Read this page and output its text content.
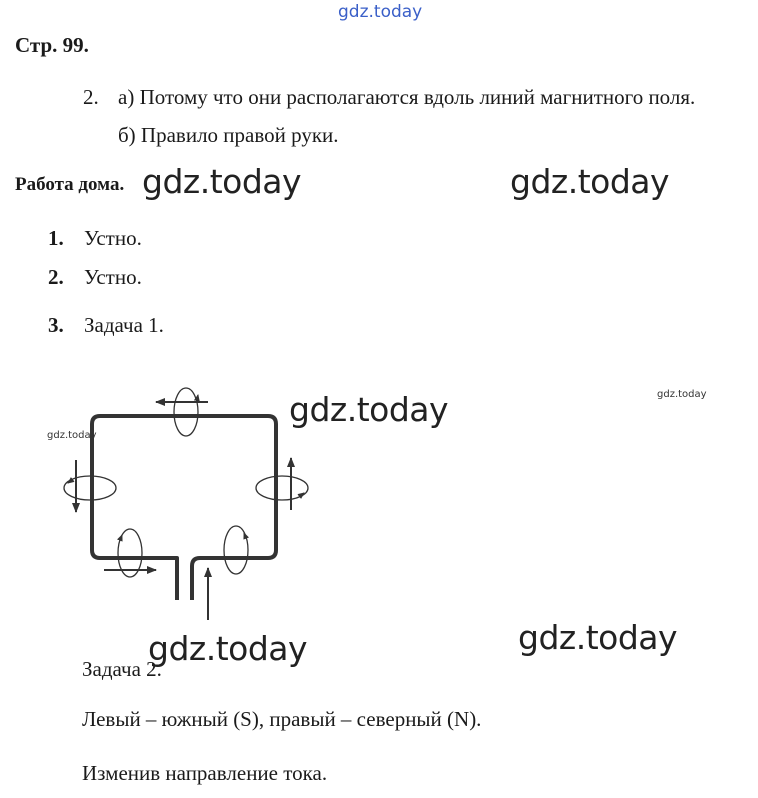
gdz.today
Стр. 99.
2. а) Потому что они располагаются вдоль линий магнитного поля.
б) Правило правой руки.
Работа дома. gdz.today	gdz.today
1. Устно.
2. Устно.
3. Задача 1.
gdz.today	gdz.today
gdz.today
Задача 2.
gdz.today	gdz.today
Левый – южный (S), правый – северный (N).
Изменив направление тока.
